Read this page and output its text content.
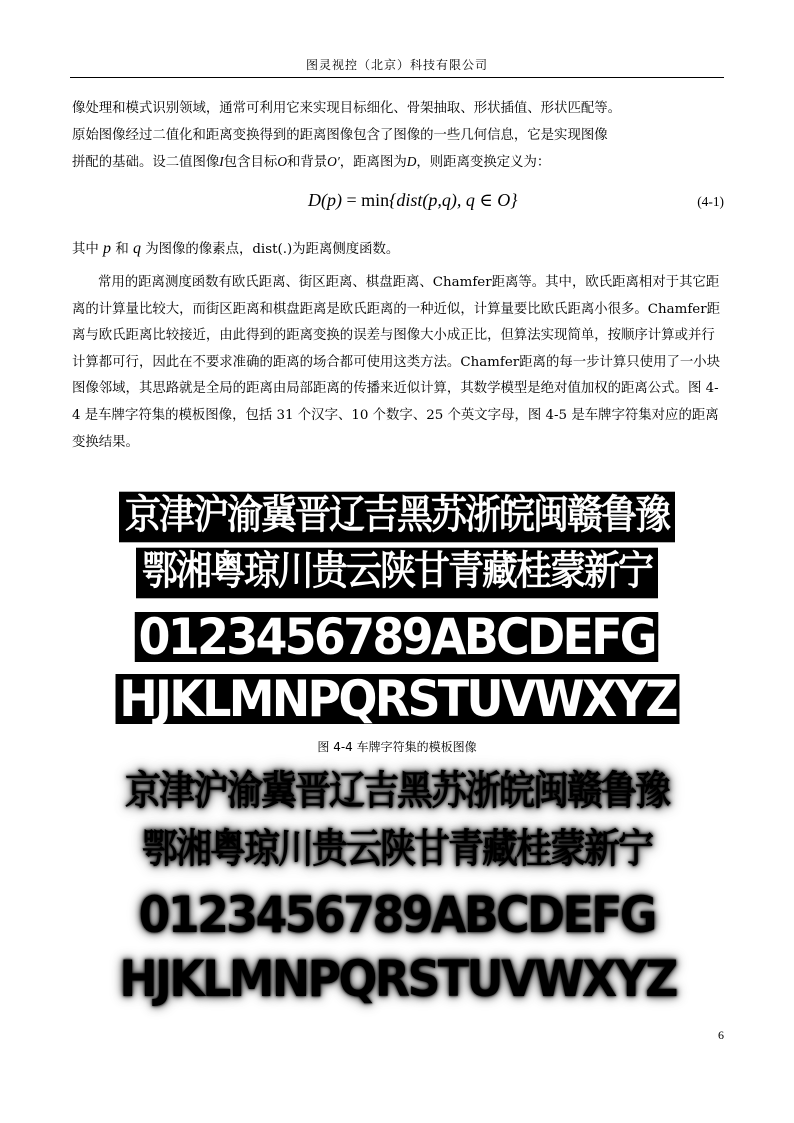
图灵视控（北京）科技有限公司
像处理和模式识别领域，通常可利用它来实现目标细化、骨架抽取、形状插值、形状匹配等。
原始图像经过二值化和距离变换得到的距离图像包含了图像的一些几何信息，它是实现图像
拼配的基础。设二值图像I包含目标O和背景O′，距离图为D，则距离变换定义为：
D(p) = min{dist(p,q), q ∈ O}	(4-1)
其中 p 和 q 为图像的像素点，dist(.)为距离侧度函数。
常用的距离测度函数有欧氏距离、街区距离、棋盘距离、Chamfer距离等。其中，欧氏距离相对于其它距离的计算量比较大，而街区距离和棋盘距离是欧氏距离的一种近似，计算量要比欧氏距离小很多。Chamfer距离与欧氏距离比较接近，由此得到的距离变换的误差与图像大小成正比，但算法实现简单，按顺序计算或并行计算都可行，因此在不要求准确的距离的场合都可使用这类方法。Chamfer距离的每一步计算只使用了一小块图像邻域，其思路就是全局的距离由局部距离的传播来近似计算，其数学模型是绝对值加权的距离公式。图 4-4 是车牌字符集的模板图像，包括 31 个汉字、10 个数字、25 个英文字母，图 4-5 是车牌字符集对应的距离变换结果。
京津沪渝冀晋辽吉黑苏浙皖闽赣鲁豫
鄂湘粤琼川贵云陕甘青藏桂蒙新宁
0123456789ABCDEFG
HJKLMNPQRSTUVWXYZ
图 4-4 车牌字符集的模板图像
京津沪渝冀晋辽吉黑苏浙皖闽赣鲁豫
鄂湘粤琼川贵云陕甘青藏桂蒙新宁
0123456789ABCDEFG
HJKLMNPQRSTUVWXYZ
6
